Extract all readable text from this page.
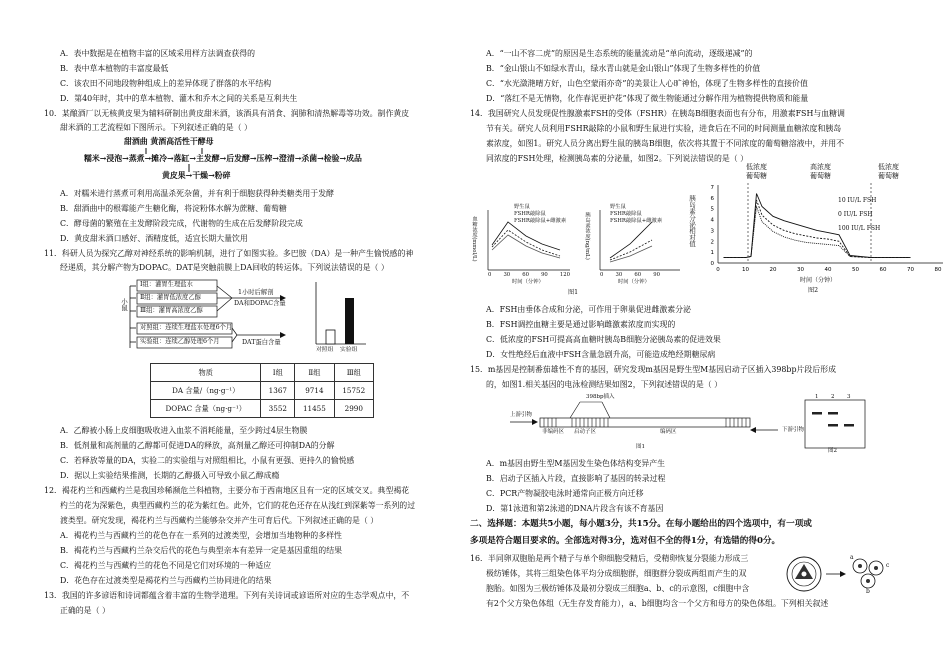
A．表中数据是在植物丰富的区域采用样方法调查获得的
B．表中草本植物的丰富度最低
C．该农田不同地段物种组成上的差异体现了群落的水平结构
D．第40年时，其中的草本植物、灌木和乔木之间的关系是互利共生
10．某酿酒厂以无核黄皮果为辅料研制出黄皮甜米酒，该酒具有消食、润肺和清热解毒等功效。制作黄皮
甜米酒的工艺流程如下图所示。下列叙述正确的是（ ）
甜酒曲 黄酒高活性干酵母
糯米→浸泡→蒸煮→摊冷→落缸→主发酵→后发酵→压榨→澄清→杀菌→检验→成品
黄皮果→干燥→粉碎
A．对糯米进行蒸煮可利用高温杀死杂菌，并有利于细胞获得种类糖类用于发酵
B．甜酒曲中的根霉能产生糖化酶，将淀粉体水解为蔗糖、葡萄糖
C．酵母菌的繁殖在主发酵阶段完成，代谢物的生成在后发酵阶段完成
D．黄皮甜米酒口感好、酒精度低，适宜长期大量饮用
11．科研人员为探究乙醇对神经系统的影响机制，进行了如图实验。多巴胺（DA）是一种产生愉悦感的神
经递质，其分解产物为DOPAC。DAT是突触前膜上DA回收的转运体。下列说法错误的是（ ）
小鼠
Ⅰ组：灌胃生理盐水
Ⅱ组：灌胃低浓度乙醇
Ⅲ组：灌胃高浓度乙醇
1小时后解剖
DA和DOPAC含量
对照组：连续生理盐水处理6个月
实验组：连续乙醇处理6个月	DAT蛋白含量
对照组 实验组
物质	Ⅰ组	Ⅱ组	Ⅲ组
DA 含量/（ng·g⁻¹）	1367	9714	15752
DOPAC 含量（ng·g⁻¹）	3552	11455	2990
A．乙醇被小肠上皮细胞吸收进入血浆不消耗能量，至少跨过4层生物膜
B．低剂量和高剂量的乙醇都可促进DA的释放，高剂量乙醇还可抑制DA的分解
C．若释放等量的DA，实验二的实验组与对照组相比，小鼠有更强、更持久的愉悦感
D．据以上实验结果推测，长期的乙醇摄入可导致小鼠乙醇成瘾
12．褐花杓兰和西藏杓兰是我国珍稀濒危兰科植物，主要分布于西南地区且有一定的区域交叉。典型褐花
杓兰的花为深紫色，典型西藏杓兰的花为紫红色。此外，它们的花色还存在从浅红到深紫等一系列的过
渡类型。研究发现，褐花杓兰与西藏杓兰能够杂交并产生可育后代。下列叙述正确的是（ ）
A．褐花杓兰与西藏杓兰的花色存在一系列的过渡类型，会增加当地物种的多样性
B．褐花杓兰与西藏杓兰杂交后代的花色与典型亲本有差异一定是基因重组的结果
C．褐花杓兰与西藏杓兰的花色不同是它们对环境的一种适应
D．花色存在过渡类型是褐花杓兰与西藏杓兰协同进化的结果
13．我国的许多谚语和诗词都蕴含着丰富的生物学道理。下列有关诗词或谚语所对应的生态学观点中，不
正确的是（ ）
A．“一山不容二虎”的原因是生态系统的能量流动是“单向流动，逐级递减”的
B．“金山银山不如绿水青山，绿水青山就是金山银山”体现了生物多样性的价值
C．“水光潋滟晴方好，山色空蒙雨亦奇”的美景让人心旷神怡，体现了生物多样性的直接价值
D．“落红不是无情物，化作春泥更护花”体现了微生物能通过分解作用为植物提供物质和能量
14．我国研究人员发现促性腺激素FSH的受体（FSHR）在胰岛B细胞表面也有分布，用激素FSH与血糖调
节有关。研究人员利用FSHR敲除的小鼠和野生鼠进行实验，进食后在不同的时间测量血糖浓度和胰岛
素浓度，如图1。研究人员分离出野生鼠的胰岛B细胞，依次将其置于不同浓度的葡萄糖溶液中，并用不
同浓度的FSH处理，检测胰岛素的分泌量，如图2。下列说法错误的是（ ）
血糖浓度(mmol/L)	胰岛素浓度(ng/mL)
野生鼠
FSHR敲除鼠
FSHR敲除鼠+雌激素
野生鼠
FSHR敲除鼠
FSHR敲除鼠+雌激素
0 30 60 90 120	0 30 60 90
时间（分钟）	时间（分钟）
图1
低浓度
葡萄糖
高浓度
葡萄糖
低浓度
葡萄糖
0	10	20	30	40	50	60	70	80
0
1
2
3
4
5
6
7
胰岛素分泌相对值	10 IU/L FSH
0 IU/L FSH
100 IU/L FSH
时间（分钟）
图2
A．FSH由垂体合成和分泌，可作用于卵巢促进雌激素分泌
B．FSH调控血糖主要是通过影响雌激素浓度而实现的
C．低浓度的FSH可提高高血糖时胰岛B细胞分泌胰岛素的促进效果
D．女性绝经后血液中FSH含量急剧升高，可能造成绝经期糖尿病
15．m基因是控制番茄雄性不育的基因，研究发现m基因是野生型M基因启动子区插入398bp片段后形成
的，如图1.相关基因的电泳检测结果如图2，下列叙述错误的是（ ）
398bp插入
上游引物
下游引物
非编码区 启动子区	编码区
1 2 3
图1
图2
A．m基因由野生型M基因发生染色体结构变异产生
B．启动子区插入片段，直接影响了基因的转录过程
C．PCR产物凝胶电泳时通常向正极方向迁移
D．第1泳道和第2泳道的DNA片段含有该不育基因
二、选择题：本题共5小题，每小题3分，共15分。在每小题给出的四个选项中，有一项或
多项是符合题目要求的。全部选对得3分，选对但不全的得1分，有选错的得0分。
16．半同卵双胞胎是两个精子与单个卵细胞受精后，受精卵恢复分裂能力形成三
极纺锤体，其将三组染色体平均分成细胞群，细胞群分裂成两组而产生的双
胞胎。如图为三极纺锤体及最初分裂成三细胞a、b、c的示意图，c细胞中含
有2个父方染色体组（无生存发育能力），a、b细胞均含一个父方和母方的染色体组。下列相关叙述
a
c
b
